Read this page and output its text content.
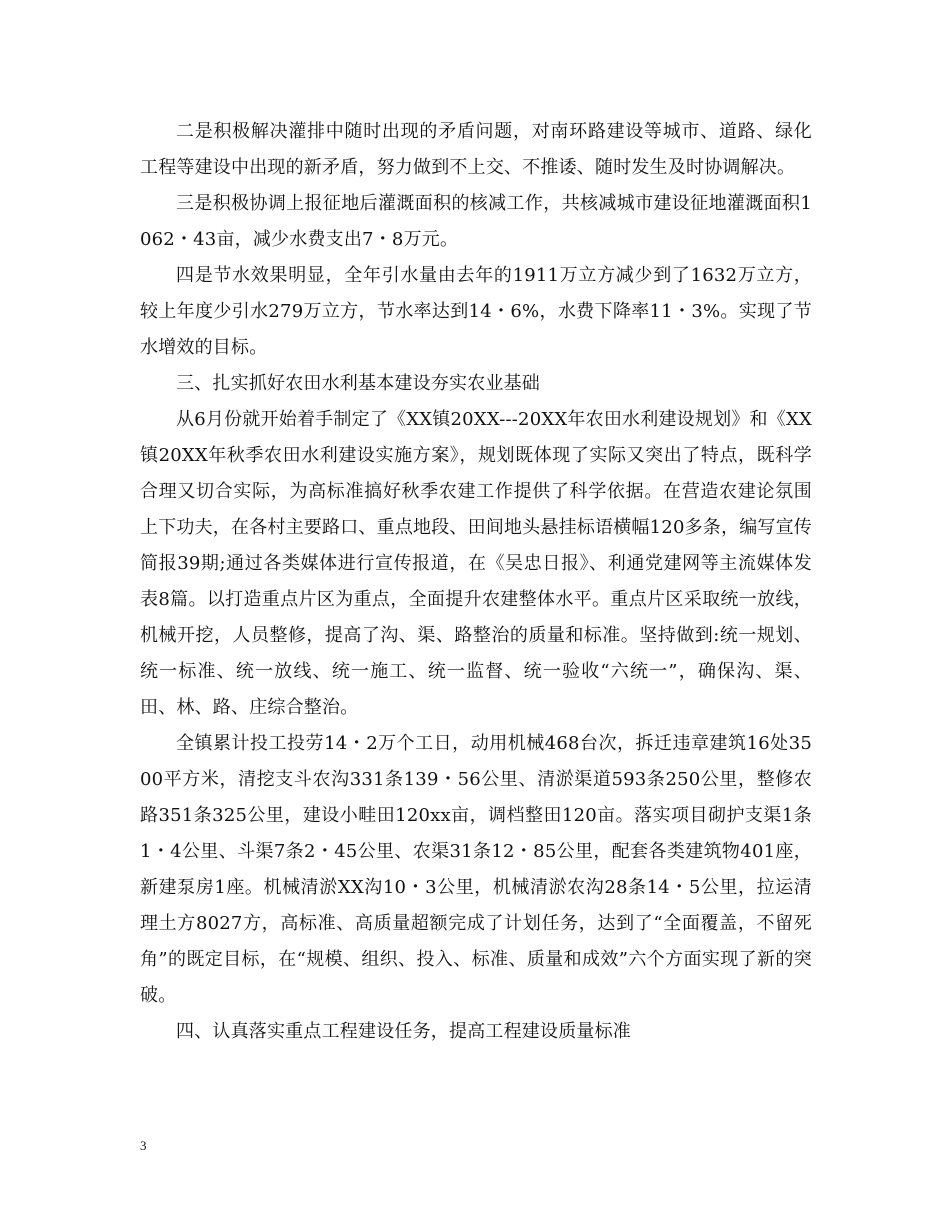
二是积极解决灌排中随时出现的矛盾问题，对南环路建设等城市、道路、绿化工程等建设中出现的新矛盾，努力做到不上交、不推诿、随时发生及时协调解决。

三是积极协调上报征地后灌溉面积的核减工作，共核减城市建设征地灌溉面积1062・43亩，减少水费支出7・8万元。

四是节水效果明显，全年引水量由去年的1911万立方减少到了1632万立方，较上年度少引水279万立方，节水率达到14・6%，水费下降率11・3%。实现了节水增效的目标。

三、扎实抓好农田水利基本建设夯实农业基础

从6月份就开始着手制定了《XX镇20XX---20XX年农田水利建设规划》和《XX镇20XX年秋季农田水利建设实施方案》，规划既体现了实际又突出了特点，既科学合理又切合实际，为高标准搞好秋季农建工作提供了科学依据。在营造农建论氛围上下功夫，在各村主要路口、重点地段、田间地头悬挂标语横幅120多条，编写宣传简报39期;通过各类媒体进行宣传报道，在《吴忠日报》、利通党建网等主流媒体发表8篇。以打造重点片区为重点，全面提升农建整体水平。重点片区采取统一放线，机械开挖，人员整修，提高了沟、渠、路整治的质量和标准。坚持做到:统一规划、统一标准、统一放线、统一施工、统一监督、统一验收“六统一”，确保沟、渠、田、林、路、庄综合整治。

全镇累计投工投劳14・2万个工日，动用机械468台次，拆迁违章建筑16处3500平方米，清挖支斗农沟331条139・56公里、清淤渠道593条250公里，整修农路351条325公里，建设小畦田120xx亩，调档整田120亩。落实项目砌护支渠1条1・4公里、斗渠7条2・45公里、农渠31条12・85公里，配套各类建筑物401座，新建泵房1座。机械清淤XX沟10・3公里，机械清淤农沟28条14・5公里，拉运清理土方8027方，高标准、高质量超额完成了计划任务，达到了“全面覆盖，不留死角”的既定目标，在“规模、组织、投入、标准、质量和成效”六个方面实现了新的突破。

四、认真落实重点工程建设任务，提高工程建设质量标准

3
